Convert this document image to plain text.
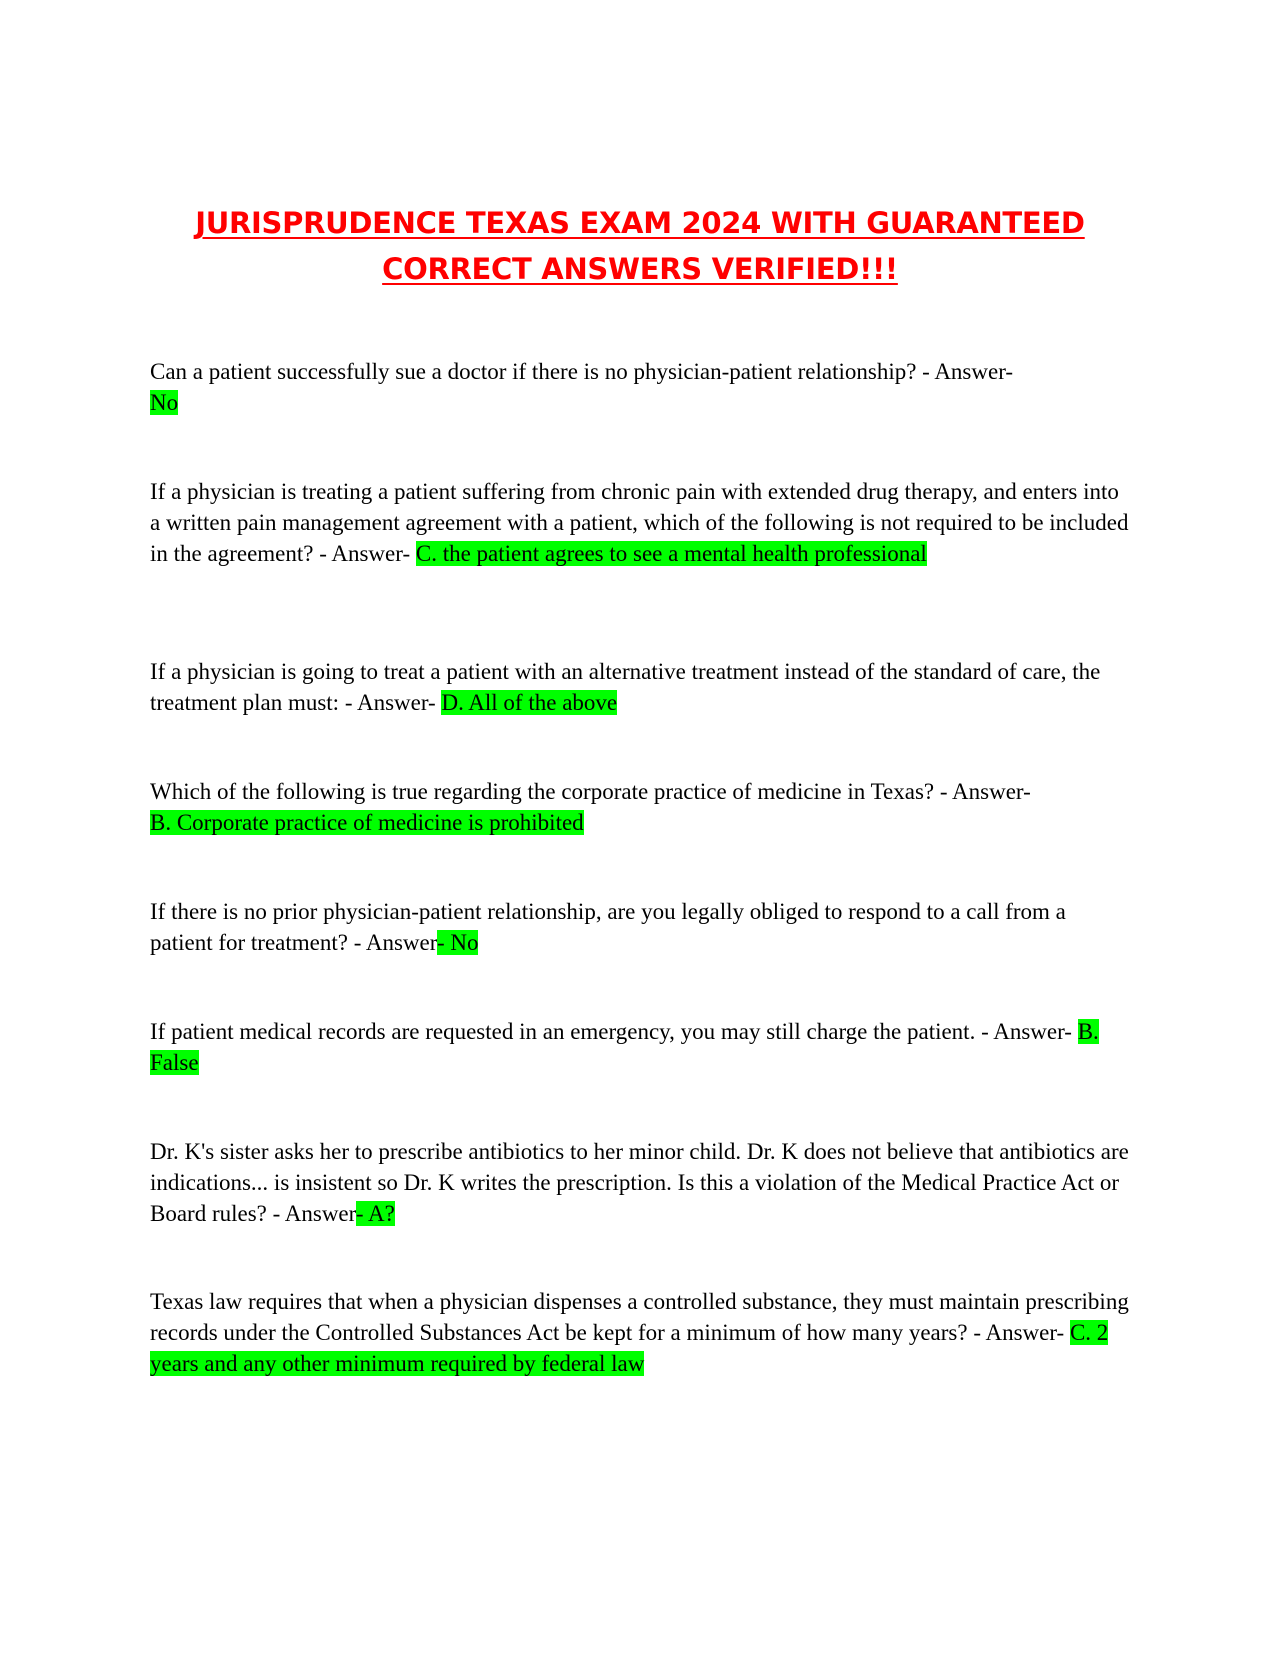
JURISPRUDENCE TEXAS EXAM 2024 WITH GUARANTEED CORRECT ANSWERS VERIFIED!!!

Can a patient successfully sue a doctor if there is no physician-patient relationship? - Answer-
No

If a physician is treating a patient suffering from chronic pain with extended drug therapy, and enters into a written pain management agreement with a patient, which of the following is not required to be included in the agreement? - Answer- C. the patient agrees to see a mental health professional

If a physician is going to treat a patient with an alternative treatment instead of the standard of care, the treatment plan must: - Answer- D. All of the above

Which of the following is true regarding the corporate practice of medicine in Texas? - Answer-
B. Corporate practice of medicine is prohibited

If there is no prior physician-patient relationship, are you legally obliged to respond to a call from a patient for treatment? - Answer- No

If patient medical records are requested in an emergency, you may still charge the patient. - Answer- B. False

Dr. K's sister asks her to prescribe antibiotics to her minor child. Dr. K does not believe that antibiotics are indications... is insistent so Dr. K writes the prescription. Is this a violation of the Medical Practice Act or Board rules? - Answer- A?

Texas law requires that when a physician dispenses a controlled substance, they must maintain prescribing records under the Controlled Substances Act be kept for a minimum of how many years? - Answer- C. 2 years and any other minimum required by federal law
